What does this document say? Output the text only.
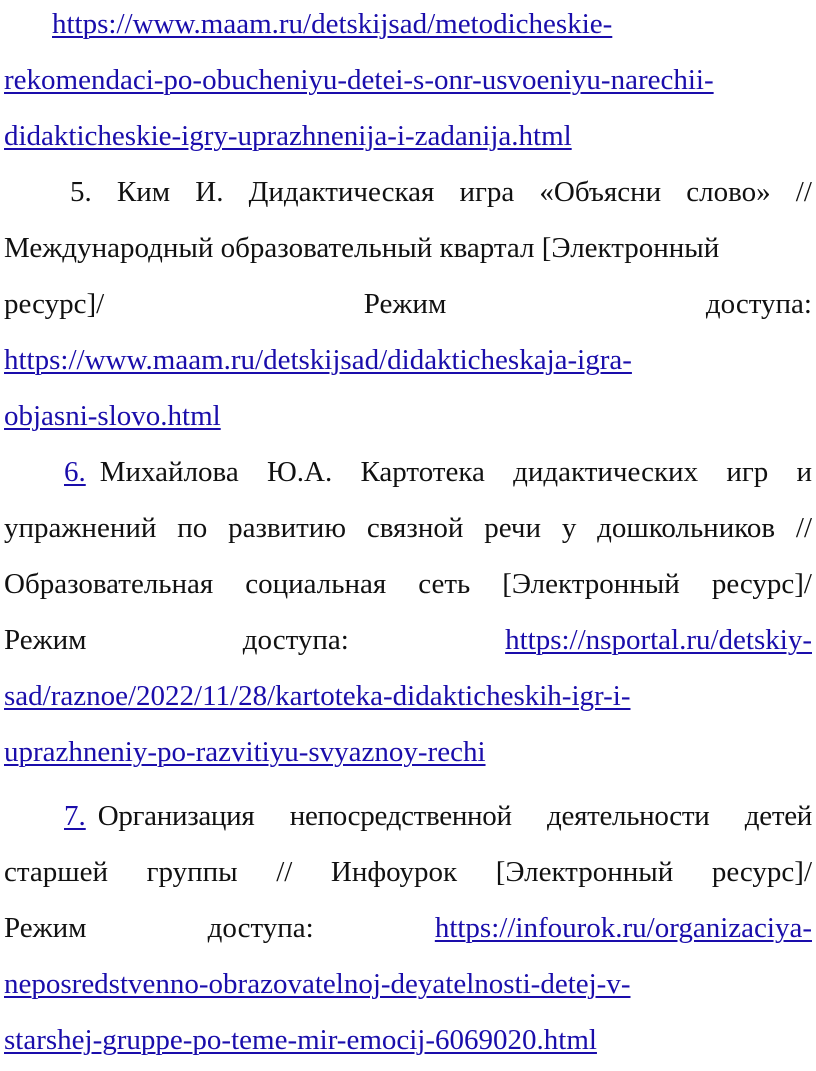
https://www.maam.ru/detskijsad/metodicheskie-
rekomendaci-po-obucheniyu-detei-s-onr-usvoeniyu-narechii-
didakticheskie-igry-uprazhnenija-i-zadanija.html
5. Ким И. Дидактическая игра «Объясни слово» //
Международный образовательный квартал [Электронный
ресурс]/	Режим	доступа:
https://www.maam.ru/detskijsad/didakticheskaja-igra-
objasni-slovo.html
6. Михайлова Ю.А. Картотека дидактических игр и
упражнений по развитию связной речи у дошкольников //
Образовательная социальная сеть [Электронный ресурс]/
Режим	доступа:	https://nsportal.ru/detskiy-
sad/raznoe/2022/11/28/kartoteka-didakticheskih-igr-i-
uprazhneniy-po-razvitiyu-svyaznoy-rechi
7. Организация непосредственной деятельности детей
старшей группы // Инфоурок [Электронный ресурс]/
Режим	доступа:	https://infourok.ru/organizaciya-
neposredstvenno-obrazovatelnoj-deyatelnosti-detej-v-
starshej-gruppe-po-teme-mir-emocij-6069020.html
